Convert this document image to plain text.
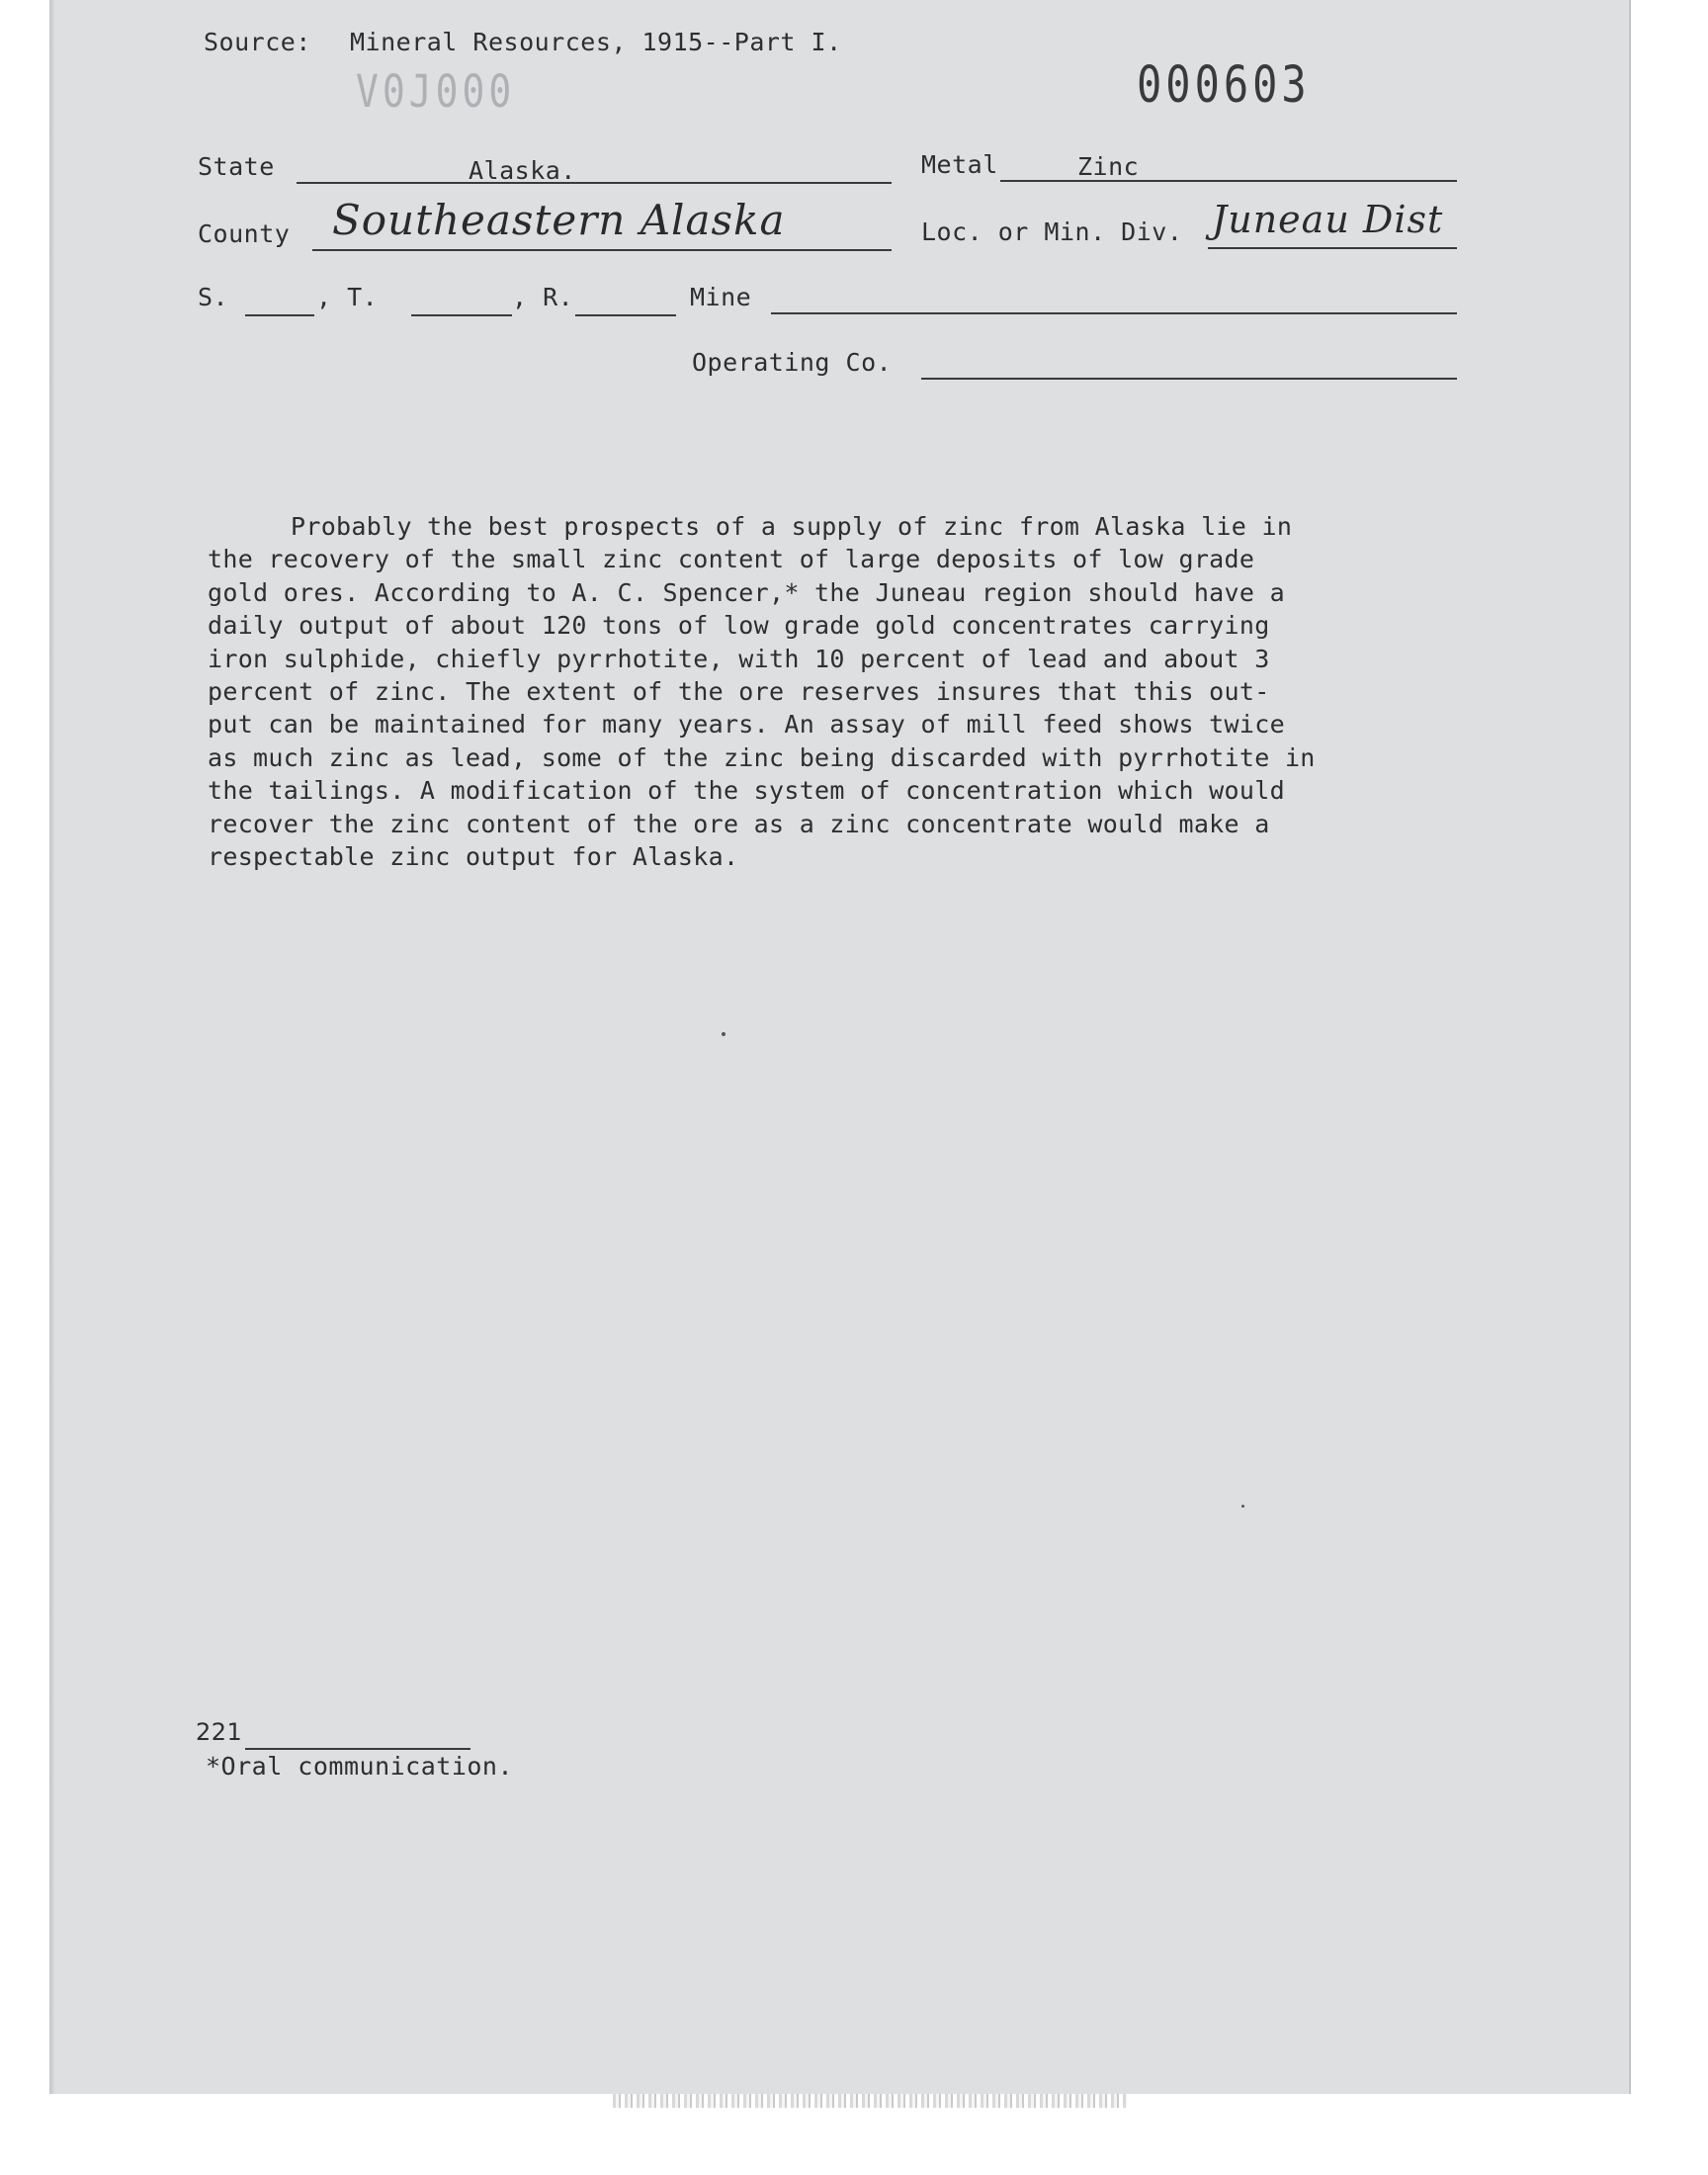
Source: Mineral Resources, 1915--Part I.
V0J000	000603
State	Alaska.	Metal	Zinc
County Southeastern Alaska	Loc. or Min. Div. Juneau Dist
S.	, T.	, R.	Mine
Operating Co.
Probably the best prospects of a supply of zinc from Alaska lie in
the recovery of the small zinc content of large deposits of low grade
gold ores. According to A. C. Spencer,* the Juneau region should have a
daily output of about 120 tons of low grade gold concentrates carrying
iron sulphide, chiefly pyrrhotite, with 10 percent of lead and about 3
percent of zinc. The extent of the ore reserves insures that this out-
put can be maintained for many years. An assay of mill feed shows twice
as much zinc as lead, some of the zinc being discarded with pyrrhotite in
the tailings. A modification of the system of concentration which would
recover the zinc content of the ore as a zinc concentrate would make a
respectable zinc output for Alaska.
221
*Oral communication.
